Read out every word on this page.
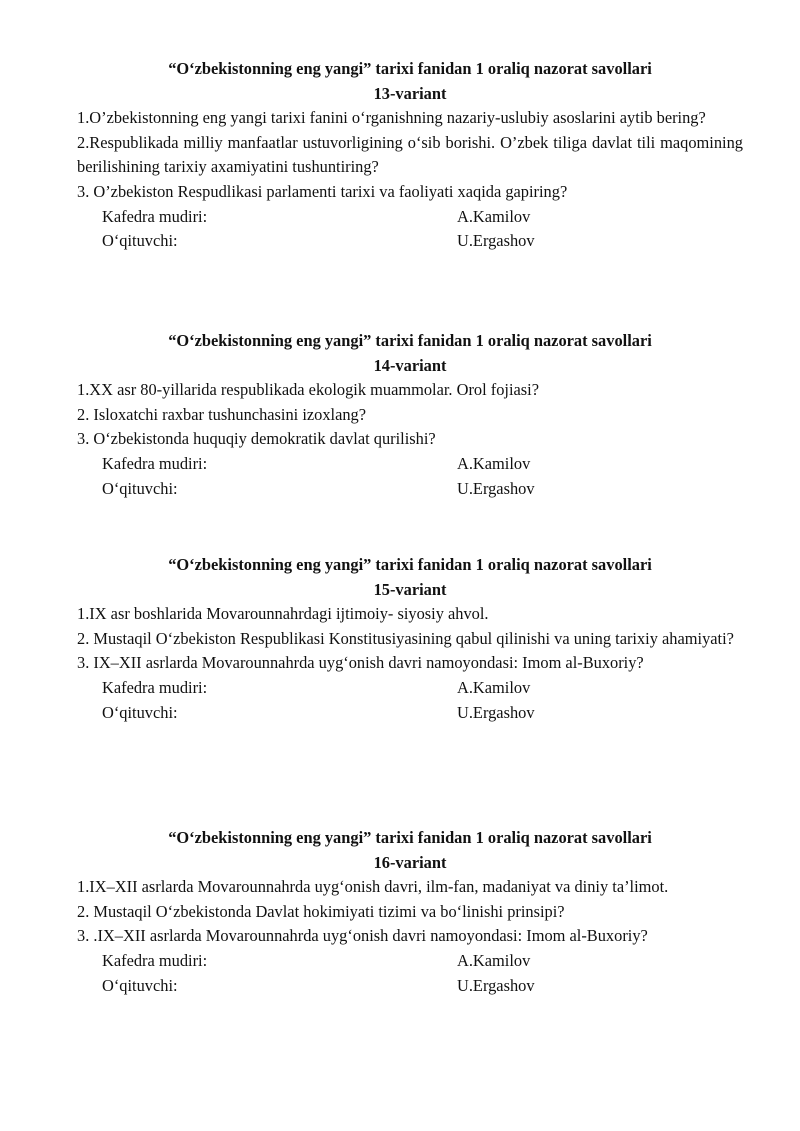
“O‘zbekistonning eng yangi” tarixi fanidan 1 oraliq nazorat savollari
13-variant
1.O’zbekistonning eng yangi tarixi fanini o‘rganishning nazariy-uslubiy asoslarini aytib bering?
2.Respublikada milliy manfaatlar ustuvorligining o‘sib borishi. O’zbek tiliga davlat tili maqomining berilishining tarixiy axamiyatini tushuntiring?
3. O’zbekiston Respudlikasi parlamenti tarixi va faoliyati xaqida gapiring?
Kafedra mudiri:	A.Kamilov
O‘qituvchi:	U.Ergashov
“O‘zbekistonning eng yangi” tarixi fanidan 1 oraliq nazorat savollari
14-variant
1.XX asr 80-yillarida respublikada ekologik muammolar. Orol fojiasi?
2. Isloxatchi raxbar tushunchasini izoxlang?
3. O‘zbekistonda huquqiy demokratik davlat qurilishi?
Kafedra mudiri:	A.Kamilov
O‘qituvchi:	U.Ergashov
“O‘zbekistonning eng yangi” tarixi fanidan 1 oraliq nazorat savollari
15-variant
1.IX asr boshlarida Movarounnahrdagi ijtimoiy- siyosiy ahvol.
2. Mustaqil O‘zbekiston Respublikasi Konstitusiyasining qabul qilinishi va uning tarixiy ahamiyati?
3. IX–XII asrlarda Movarounnahrda uyg‘onish davri namoyondasi: Imom al-Buxoriy?
Kafedra mudiri:	A.Kamilov
O‘qituvchi:	U.Ergashov
“O‘zbekistonning eng yangi” tarixi fanidan 1 oraliq nazorat savollari
16-variant
1.IX–XII asrlarda Movarounnahrda uyg‘onish davri, ilm-fan, madaniyat va diniy ta’limot.
2. Mustaqil O‘zbekistonda Davlat hokimiyati tizimi va bo‘linishi prinsipi?
3. .IX–XII asrlarda Movarounnahrda uyg‘onish davri namoyondasi: Imom al-Buxoriy?
Kafedra mudiri:	A.Kamilov
O‘qituvchi:	U.Ergashov
